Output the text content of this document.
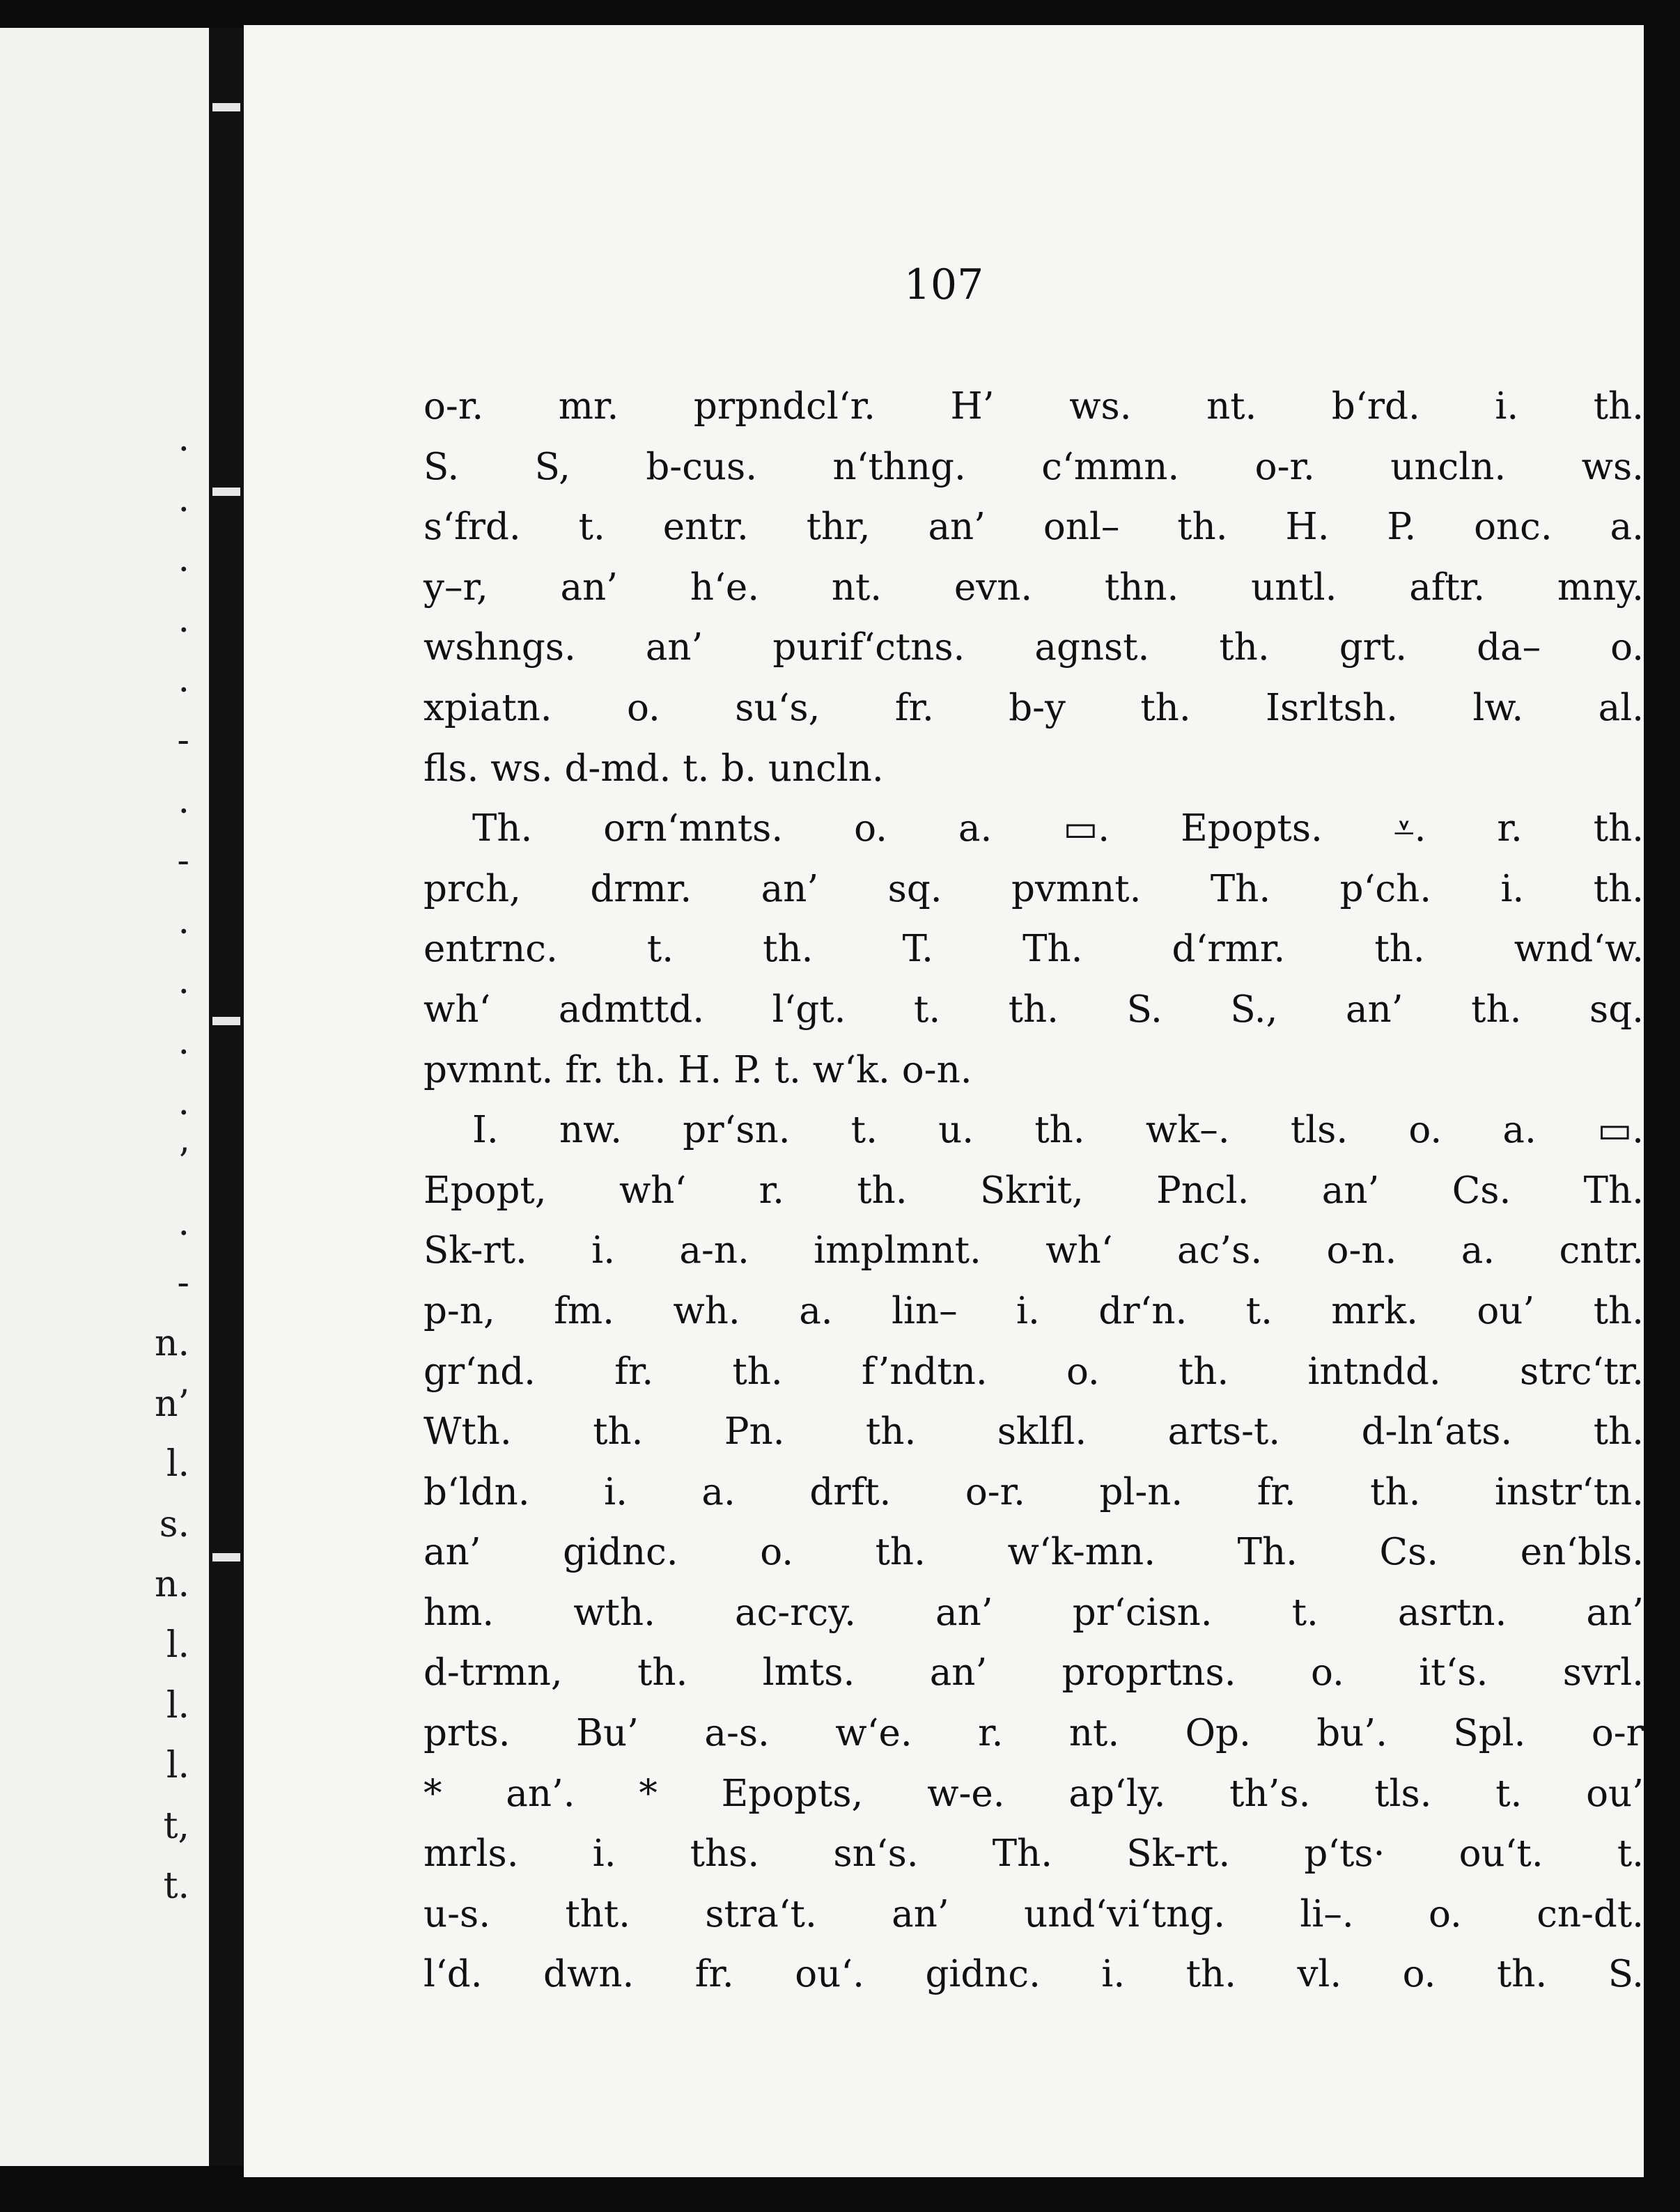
.
.
.
.
.
-
.
-
.
.
.
.
’
.
-
n.
n’
l.
s.
n.
l.
l.
l.
t,
t.
107
o-r. mr. prpndcl‘r. H’ ws. nt. b‘rd. i. th.
S. S, b-cus. n‘thng. c‘mmn. o-r. uncln. ws.
s‘frd. t. entr. thr, an’ onl– th. H. P. onc. a.
y–r, an’ h‘e. nt. evn. thn. untl. aftr. mny.
wshngs. an’ purif‘ctns. agnst. th. grt. da– o.
xpiatn. o. su‘s, fr. b-y th. Isrltsh. lw. al.
fls. ws. d-md. t. b. uncln.
Th. orn‘mnts. o. a. ▭. Epopts. ⩡. r. th.
prch, drmr. an’ sq. pvmnt. Th. p‘ch. i. th.
entrnc. t. th. T. Th. d‘rmr. th. wnd‘w.
wh‘ admttd. l‘gt. t. th. S. S., an’ th. sq.
pvmnt. fr. th. H. P. t. w‘k. o-n.
I. nw. pr‘sn. t. u. th. wk–. tls. o. a. ▭.
Epopt, wh‘ r. th. Skrit, Pncl. an’ Cs. Th.
Sk-rt. i. a-n. implmnt. wh‘ ac’s. o-n. a. cntr.
p-n, fm. wh. a. lin– i. dr‘n. t. mrk. ou’ th.
gr‘nd. fr. th. f’ndtn. o. th. intndd. strc‘tr.
Wth. th. Pn. th. sklfl. arts-t. d-ln‘ats. th.
b‘ldn. i. a. drft. o-r. pl-n. fr. th. instr‘tn.
an’ gidnc. o. th. w‘k-mn. Th. Cs. en‘bls.
hm. wth. ac-rcy. an’ pr‘cisn. t. asrtn. an’
d-trmn, th. lmts. an’ proprtns. o. it‘s. svrl.
prts. Bu’ a-s. w‘e. r. nt. Op. bu’. Spl. o-r
* an’. * Epopts, w-e. ap‘ly. th’s. tls. t. ou’
mrls. i. ths. sn‘s. Th. Sk-rt. p‘ts· ou‘t. t.
u-s. tht. stra‘t. an’ und‘vi‘tng. li–. o. cn-dt.
l‘d. dwn. fr. ou‘. gidnc. i. th. vl. o. th. S.
